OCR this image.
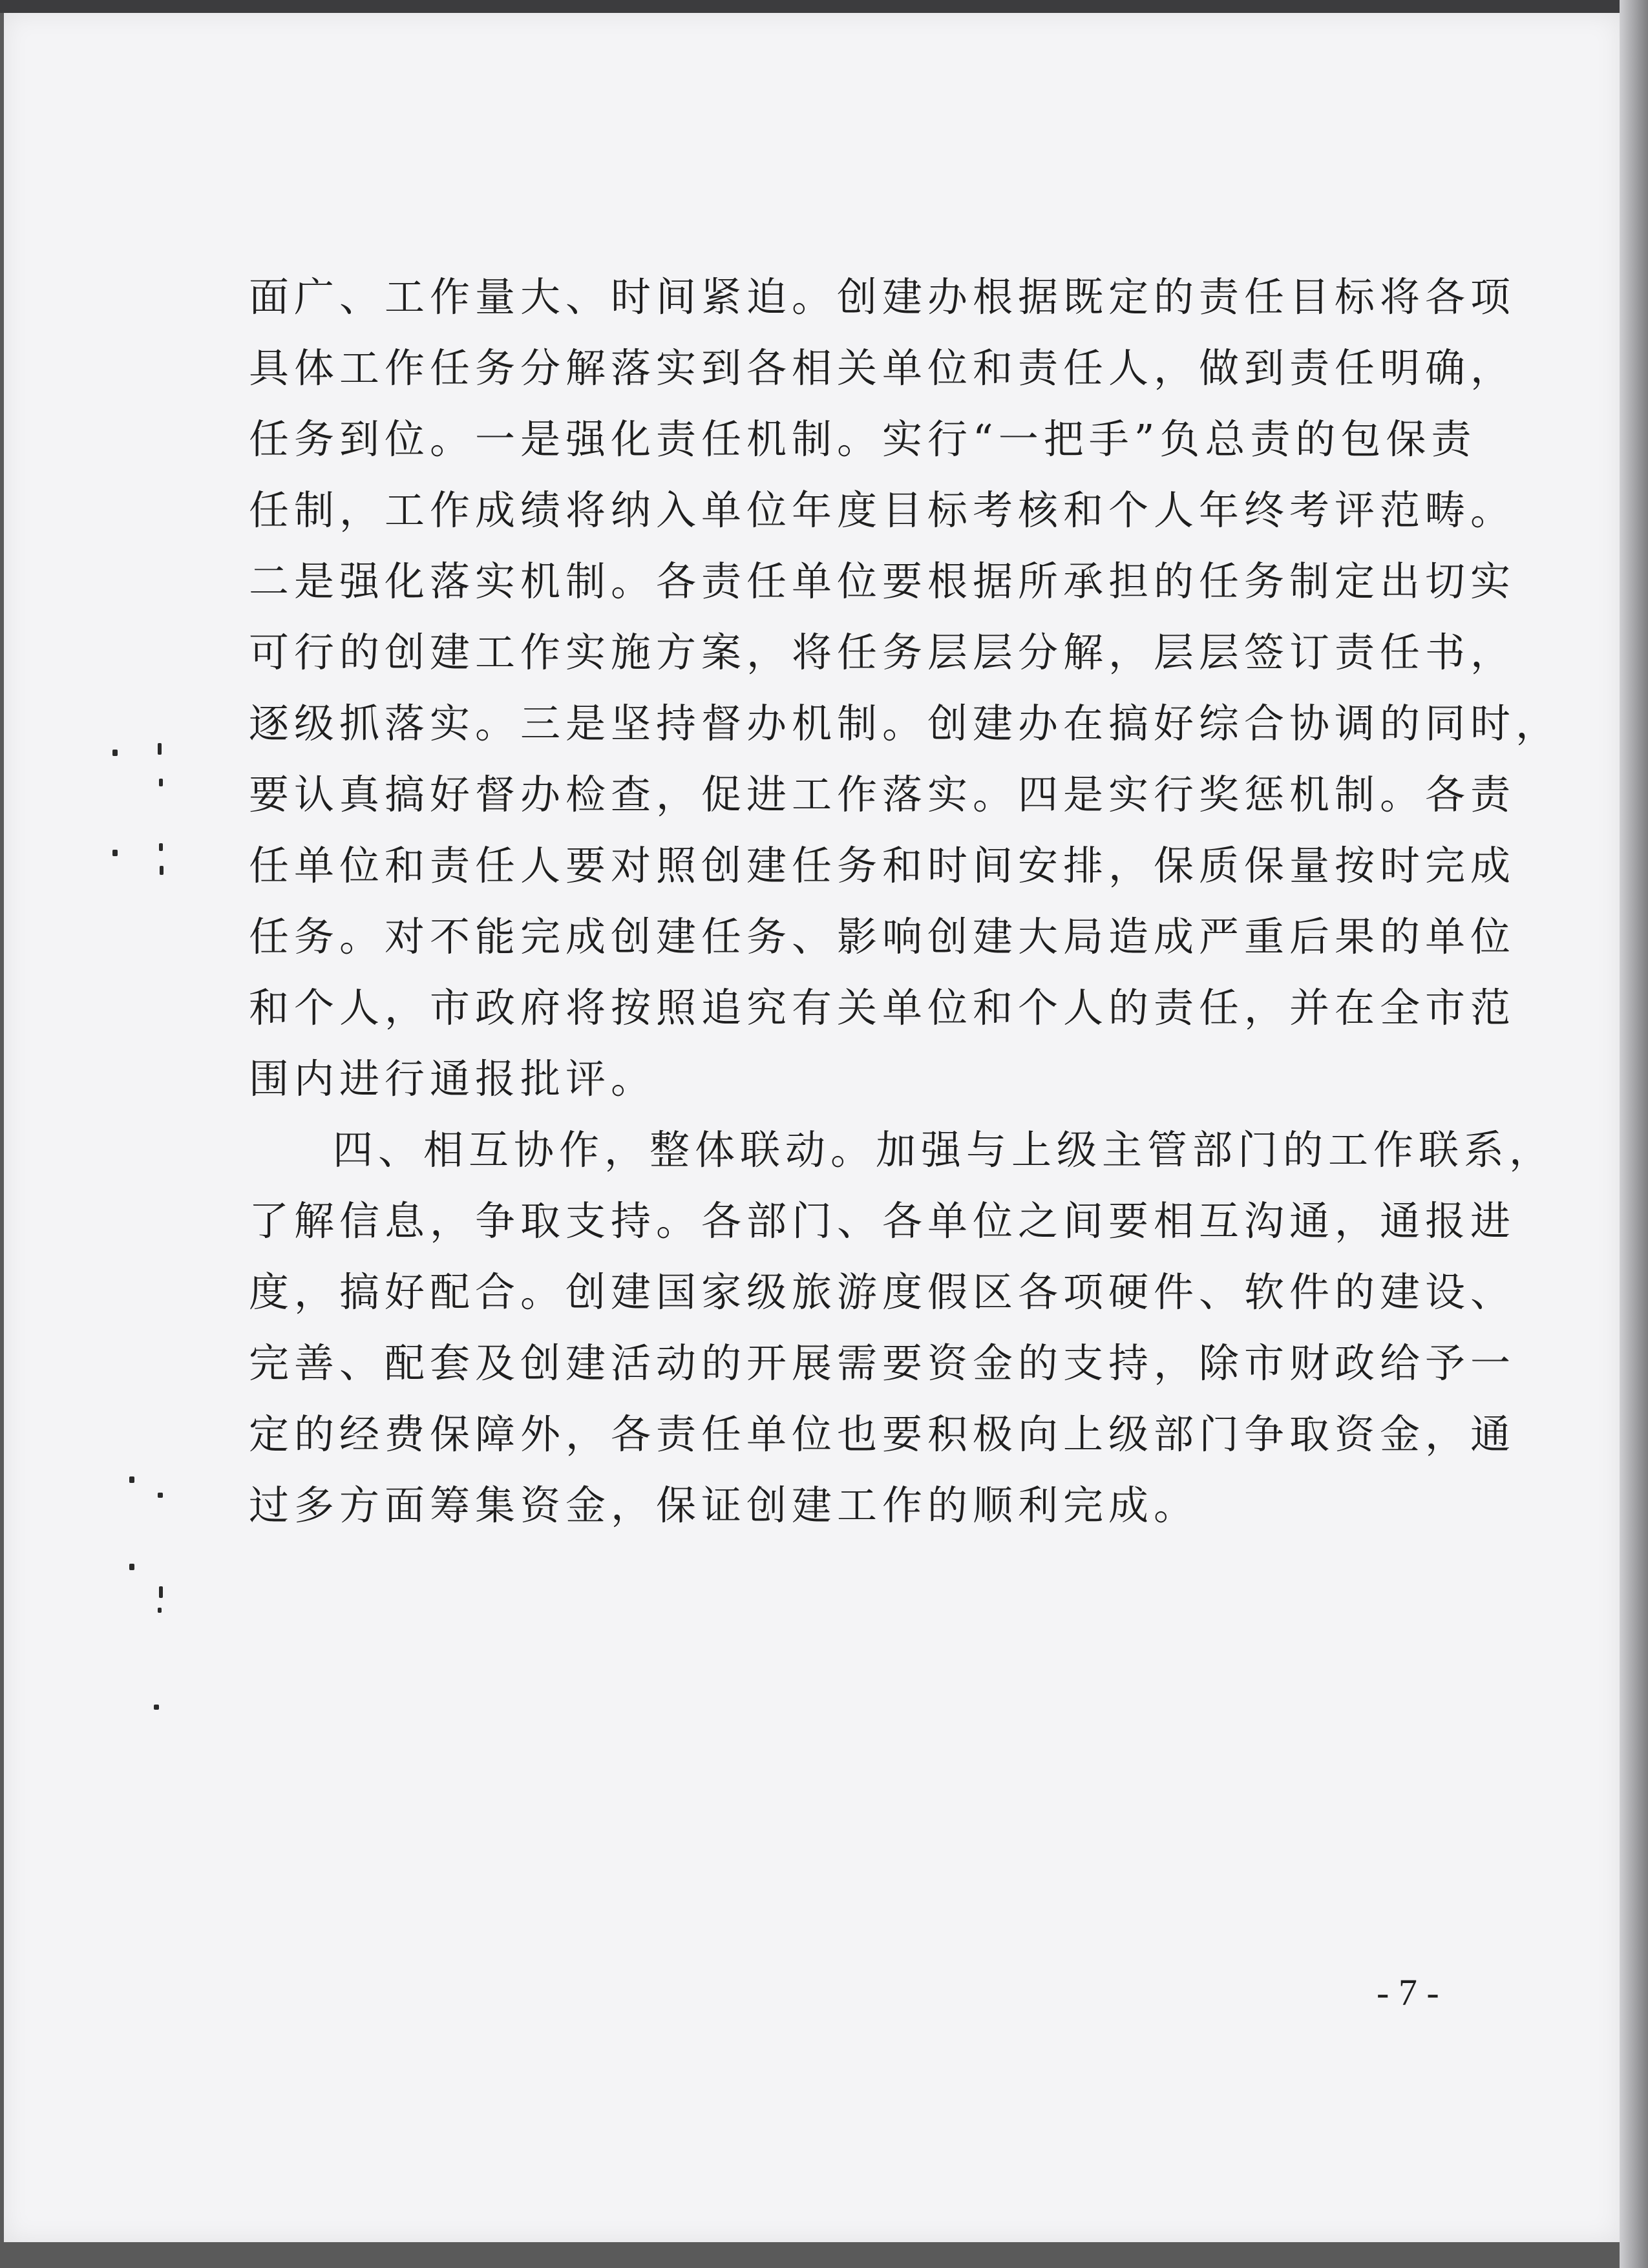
面广、工作量大、时间紧迫。创建办根据既定的责任目标将各项
具体工作任务分解落实到各相关单位和责任人，做到责任明确，
任务到位。一是强化责任机制。实行“一把手”负总责的包保责
任制，工作成绩将纳入单位年度目标考核和个人年终考评范畴。
二是强化落实机制。各责任单位要根据所承担的任务制定出切实
可行的创建工作实施方案，将任务层层分解，层层签订责任书，
逐级抓落实。三是坚持督办机制。创建办在搞好综合协调的同时，
要认真搞好督办检查，促进工作落实。四是实行奖惩机制。各责
任单位和责任人要对照创建任务和时间安排，保质保量按时完成
任务。对不能完成创建任务、影响创建大局造成严重后果的单位
和个人，市政府将按照追究有关单位和个人的责任，并在全市范
围内进行通报批评。
四、相互协作，整体联动。加强与上级主管部门的工作联系，
了解信息，争取支持。各部门、各单位之间要相互沟通，通报进
度，搞好配合。创建国家级旅游度假区各项硬件、软件的建设、
完善、配套及创建活动的开展需要资金的支持，除市财政给予一
定的经费保障外，各责任单位也要积极向上级部门争取资金，通
过多方面筹集资金，保证创建工作的顺利完成。
- 7 -
